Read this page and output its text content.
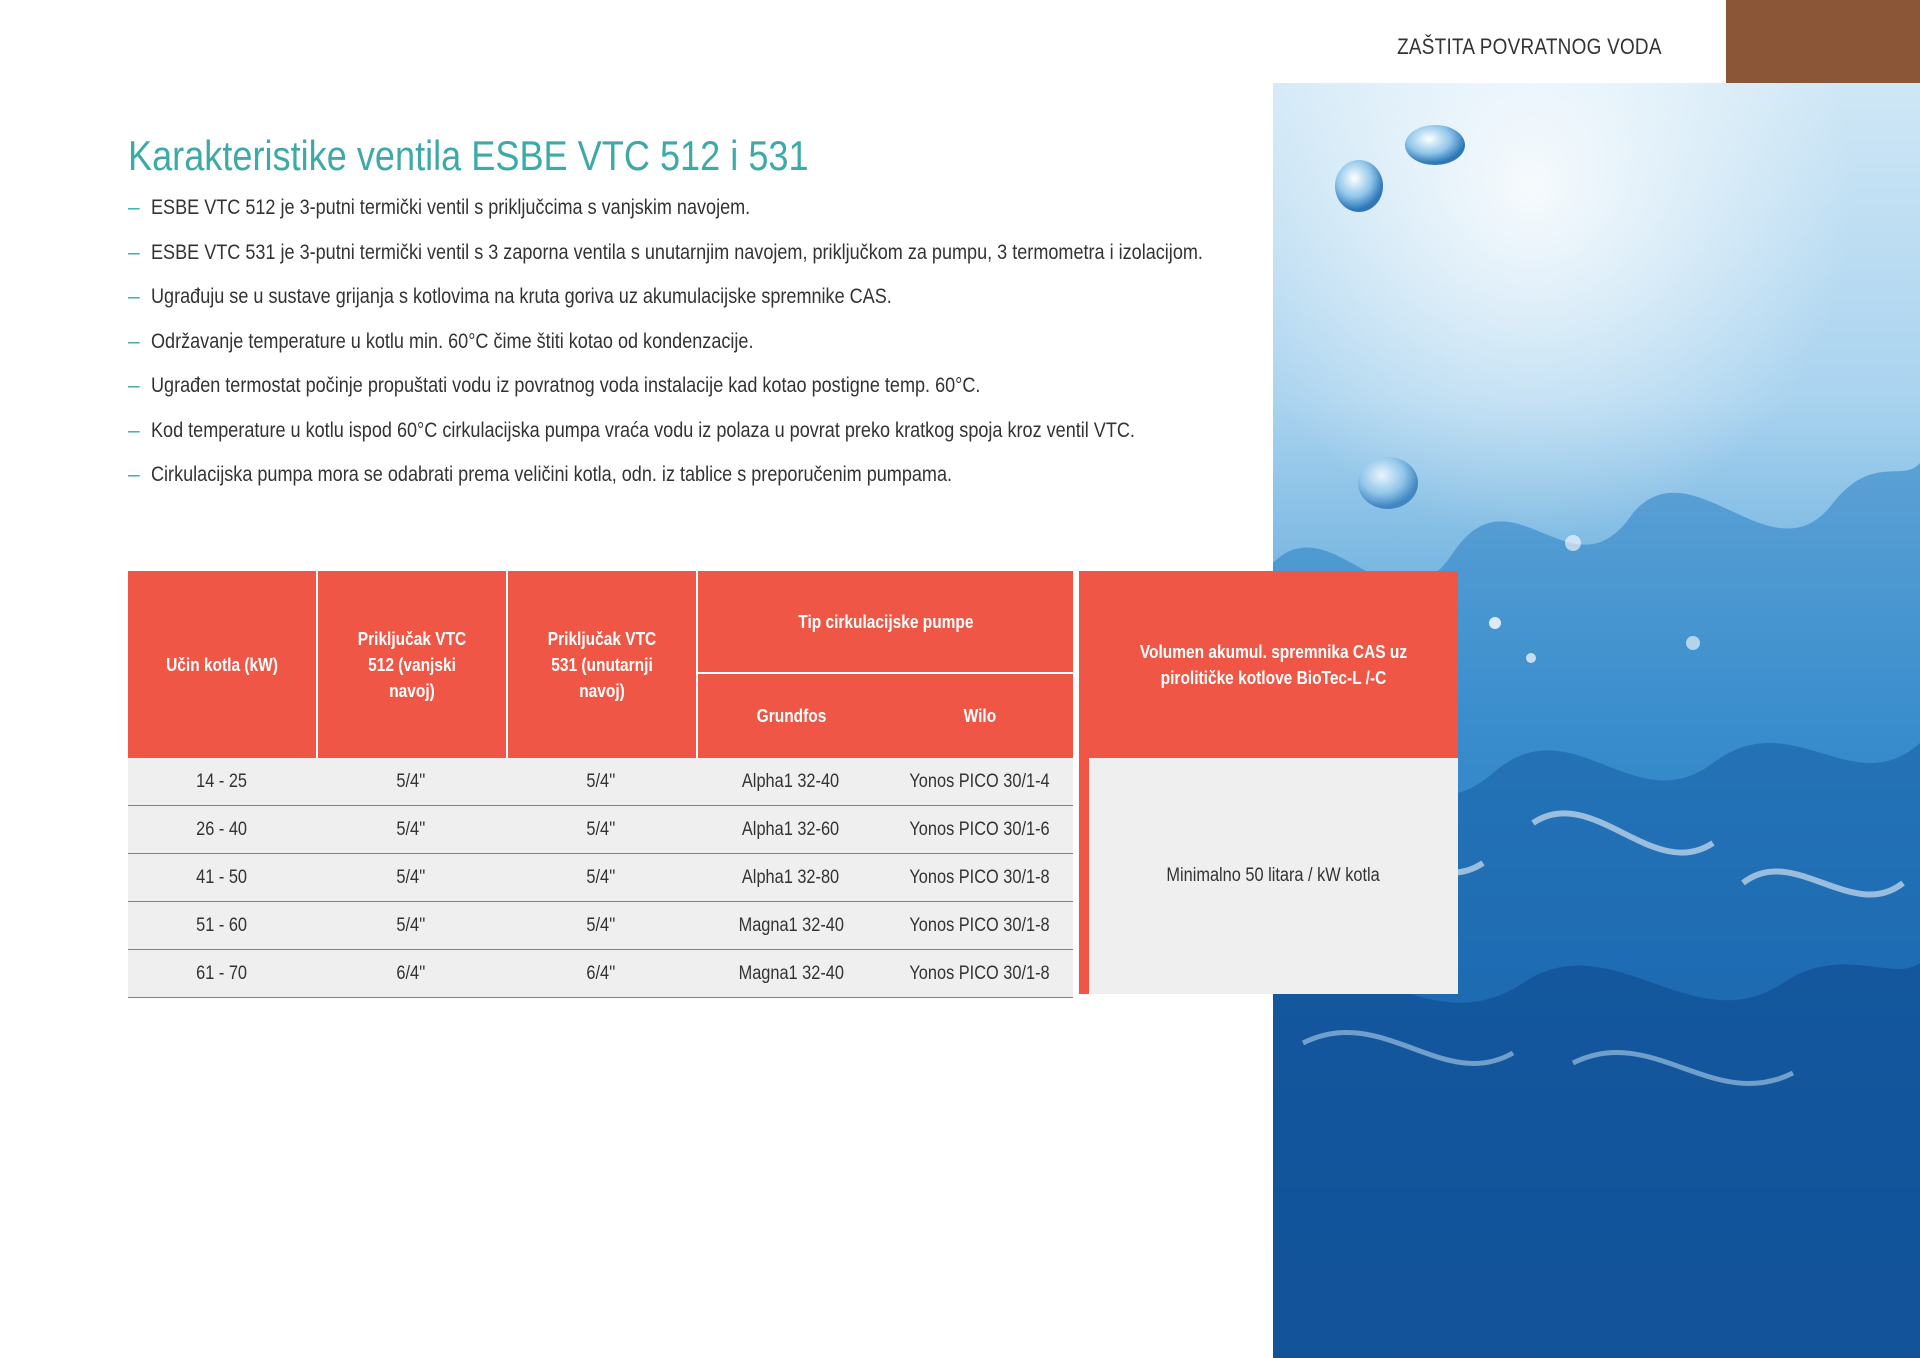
ZAŠTITA POVRATNOG VODA
Karakteristike ventila ESBE VTC 512 i 531
– ESBE VTC 512 je 3-putni termički ventil s priključcima s vanjskim navojem.
– ESBE VTC 531 je 3-putni termički ventil s 3 zaporna ventila s unutarnjim navojem, priključkom za pumpu, 3 termometra i izolacijom.
– Ugrađuju se u sustave grijanja s kotlovima na kruta goriva uz akumulacijske spremnike CAS.
– Održavanje temperature u kotlu min. 60°C čime štiti kotao od kondenzacije.
– Ugrađen termostat počinje propuštati vodu iz povratnog voda instalacije kad kotao postigne temp. 60°C.
– Kod temperature u kotlu ispod 60°C cirkulacijska pumpa vraća vodu iz polaza u povrat preko kratkog spoja kroz ventil VTC.
– Cirkulacijska pumpa mora se odabrati prema veličini kotla, odn. iz tablice s preporučenim pumpama.
Učin kotla (kW)
Priključak VTC 512 (vanjski navoj)
Priključak VTC 531 (unutarnji navoj)
Tip cirkulacijske pumpe
Grundfos	Wilo
Volumen akumul. spremnika CAS uz pirolitičke kotlove BioTec-L /-C
14 - 25	5/4''	5/4''	Alpha1 32-40	Yonos PICO 30/1-4
26 - 40	5/4''	5/4''	Alpha1 32-60	Yonos PICO 30/1-6
41 - 50	5/4''	5/4''	Alpha1 32-80	Yonos PICO 30/1-8
51 - 60	5/4''	5/4''	Magna1 32-40	Yonos PICO 30/1-8
61 - 70	6/4''	6/4''	Magna1 32-40	Yonos PICO 30/1-8
Minimalno 50 litara / kW kotla
